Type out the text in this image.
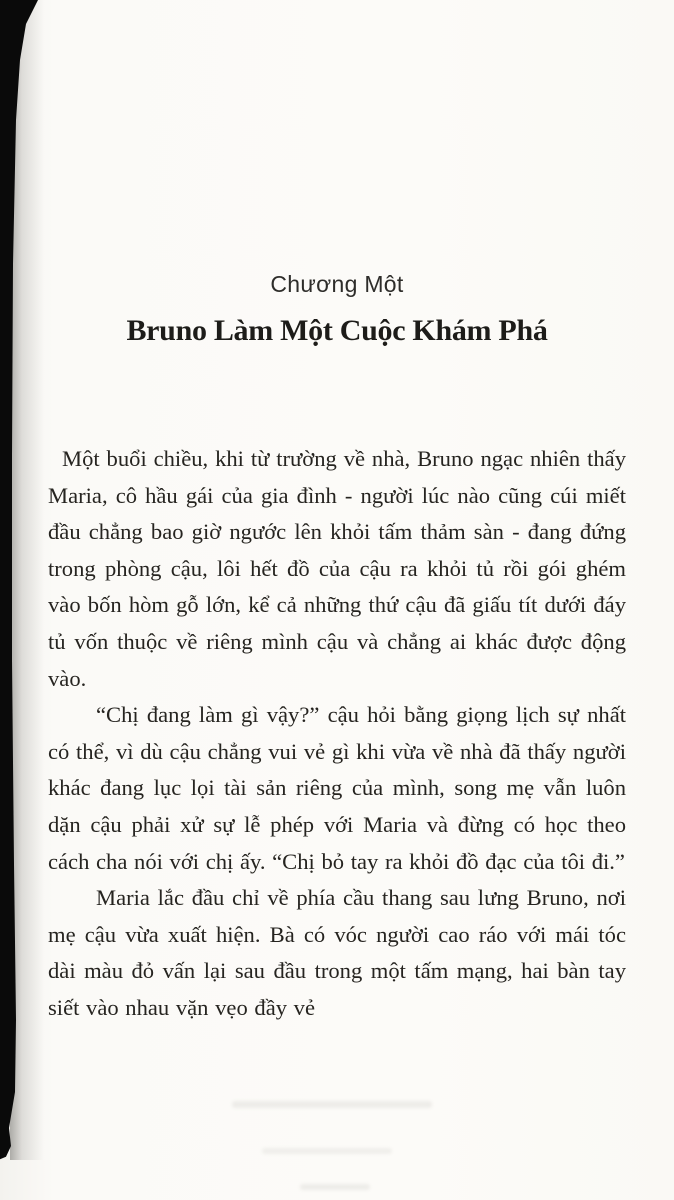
Chương Một
Bruno Làm Một Cuộc Khám Phá

Một buổi chiều, khi từ trường về nhà, Bruno ngạc nhiên thấy Maria, cô hầu gái của gia đình - người lúc nào cũng cúi miết đầu chẳng bao giờ ngước lên khỏi tấm thảm sàn - đang đứng trong phòng cậu, lôi hết đồ của cậu ra khỏi tủ rồi gói ghém vào bốn hòm gỗ lớn, kể cả những thứ cậu đã giấu tít dưới đáy tủ vốn thuộc về riêng mình cậu và chẳng ai khác được động vào.

“Chị đang làm gì vậy?” cậu hỏi bằng giọng lịch sự nhất có thể, vì dù cậu chẳng vui vẻ gì khi vừa về nhà đã thấy người khác đang lục lọi tài sản riêng của mình, song mẹ vẫn luôn dặn cậu phải xử sự lễ phép với Maria và đừng có học theo cách cha nói với chị ấy. “Chị bỏ tay ra khỏi đồ đạc của tôi đi.”

Maria lắc đầu chỉ về phía cầu thang sau lưng Bruno, nơi mẹ cậu vừa xuất hiện. Bà có vóc người cao ráo với mái tóc dài màu đỏ vấn lại sau đầu trong một tấm mạng, hai bàn tay siết vào nhau vặn vẹo đầy vẻ
